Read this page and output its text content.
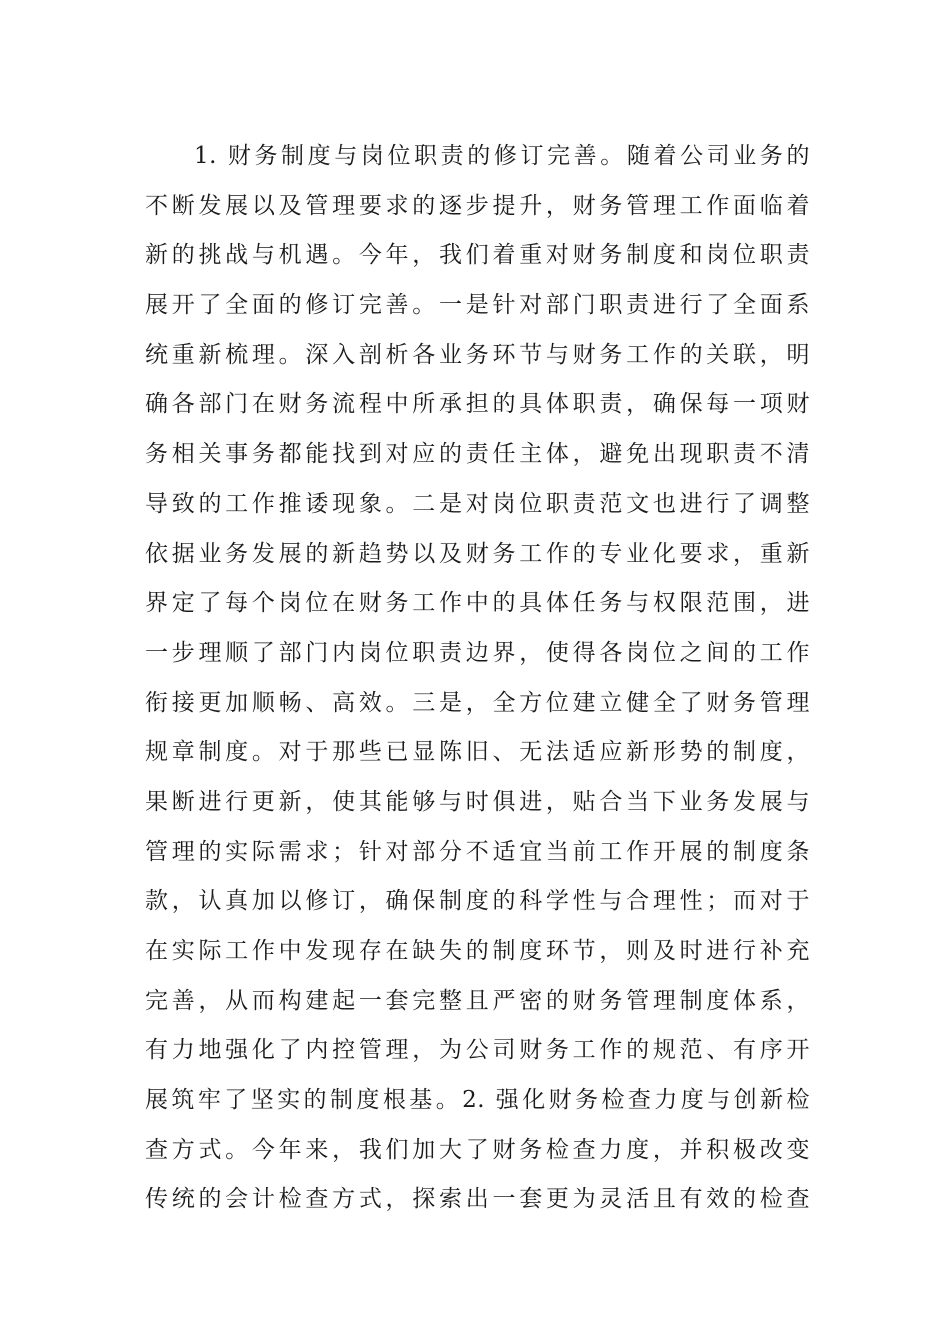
1. 财务制度与岗位职责的修订完善。随着公司业务的
不断发展以及管理要求的逐步提升，财务管理工作面临着
新的挑战与机遇。今年，我们着重对财务制度和岗位职责
展开了全面的修订完善。一是针对部门职责进行了全面系
统重新梳理。深入剖析各业务环节与财务工作的关联，明
确各部门在财务流程中所承担的具体职责，确保每一项财
务相关事务都能找到对应的责任主体，避免出现职责不清
导致的工作推诿现象。二是对岗位职责范文也进行了调整
依据业务发展的新趋势以及财务工作的专业化要求，重新
界定了每个岗位在财务工作中的具体任务与权限范围，进
一步理顺了部门内岗位职责边界，使得各岗位之间的工作
衔接更加顺畅、高效。三是，全方位建立健全了财务管理
规章制度。对于那些已显陈旧、无法适应新形势的制度，
果断进行更新，使其能够与时俱进，贴合当下业务发展与
管理的实际需求；针对部分不适宜当前工作开展的制度条
款，认真加以修订，确保制度的科学性与合理性；而对于
在实际工作中发现存在缺失的制度环节，则及时进行补充
完善，从而构建起一套完整且严密的财务管理制度体系，
有力地强化了内控管理，为公司财务工作的规范、有序开
展筑牢了坚实的制度根基。2. 强化财务检查力度与创新检
查方式。今年来，我们加大了财务检查力度，并积极改变
传统的会计检查方式，探索出一套更为灵活且有效的检查
